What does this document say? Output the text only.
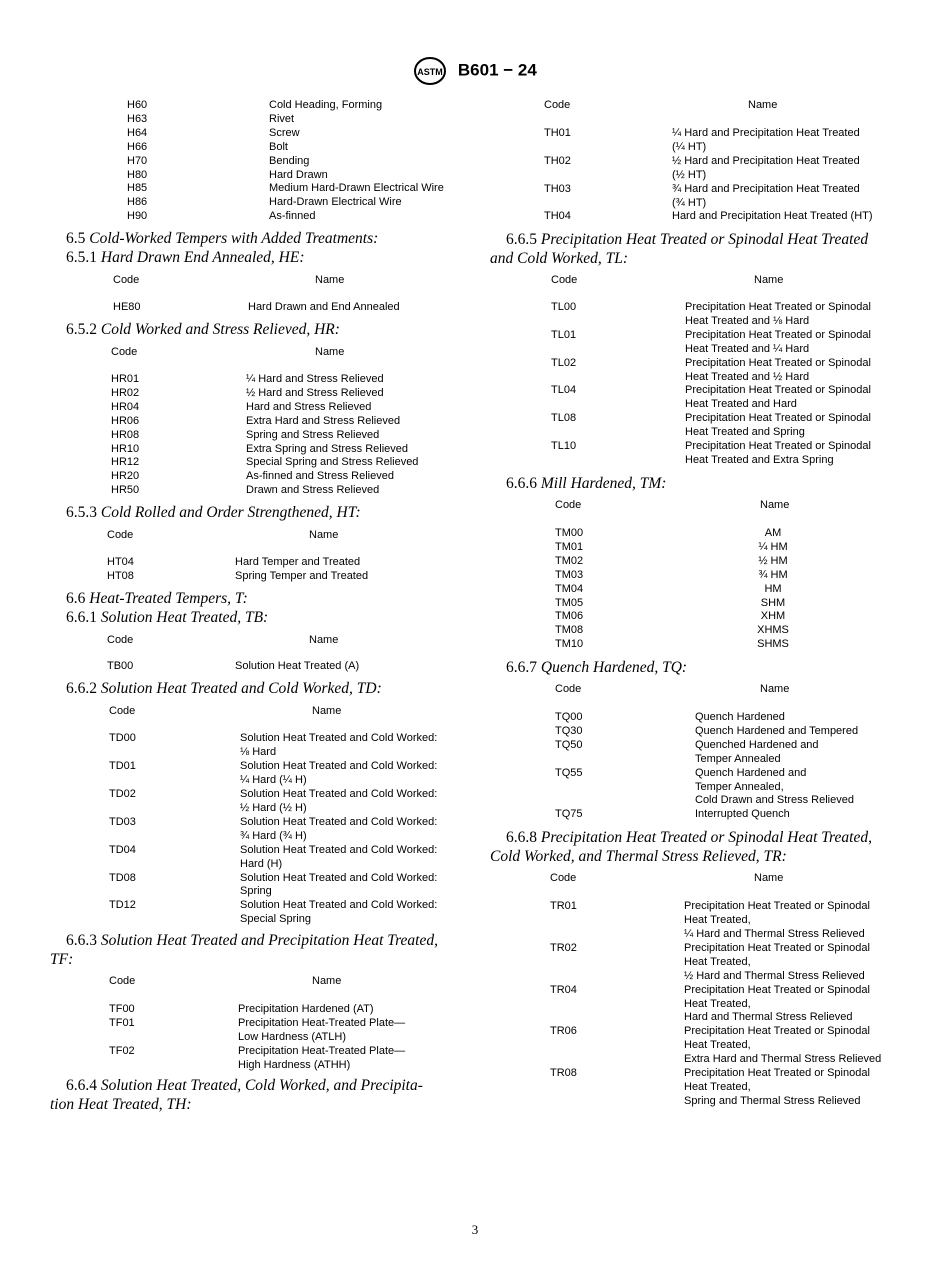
ASTM B601 − 24
6.5 Cold-Worked Tempers with Added Treatments:
6.5.1 Hard Drawn End Annealed, HE:
6.5.2 Cold Worked and Stress Relieved, HR:
6.5.3 Cold Rolled and Order Strengthened, HT:
6.6 Heat-Treated Tempers, T:
6.6.1 Solution Heat Treated, TB:
6.6.2 Solution Heat Treated and Cold Worked, TD:
6.6.3 Solution Heat Treated and Precipitation Heat Treated,
TF:
6.6.4 Solution Heat Treated, Cold Worked, and Precipita-
tion Heat Treated, TH:
6.6.5 Precipitation Heat Treated or Spinodal Heat Treated
and Cold Worked, TL:
6.6.6 Mill Hardened, TM:
6.6.7 Quench Hardened, TQ:
6.6.8 Precipitation Heat Treated or Spinodal Heat Treated,
Cold Worked, and Thermal Stress Relieved, TR:
3
H60	Cold Heading, Forming
H63	Rivet
H64	Screw
H66	Bolt
H70	Bending
H80	Hard Drawn
H85	Medium Hard-Drawn Electrical Wire
H86	Hard-Drawn Electrical Wire
H90	As-finned
Code	Name
HE80	Hard Drawn and End Annealed
Code	Name
HR01	¼ Hard and Stress Relieved
HR02	½ Hard and Stress Relieved
HR04	Hard and Stress Relieved
HR06	Extra Hard and Stress Relieved
HR08	Spring and Stress Relieved
HR10	Extra Spring and Stress Relieved
HR12	Special Spring and Stress Relieved
HR20	As-finned and Stress Relieved
HR50	Drawn and Stress Relieved
Code	Name
HT04	Hard Temper and Treated
HT08	Spring Temper and Treated
Code	Name
TB00	Solution Heat Treated (A)
Code	Name
TD00	Solution Heat Treated and Cold Worked:
⅛ Hard
TD01	Solution Heat Treated and Cold Worked:
¼ Hard (¼ H)
TD02	Solution Heat Treated and Cold Worked:
½ Hard (½ H)
TD03	Solution Heat Treated and Cold Worked:
¾ Hard (¾ H)
TD04	Solution Heat Treated and Cold Worked:
Hard (H)
TD08	Solution Heat Treated and Cold Worked:
Spring
TD12	Solution Heat Treated and Cold Worked:
Special Spring
Code	Name
TF00	Precipitation Hardened (AT)
TF01	Precipitation Heat-Treated Plate—
Low Hardness (ATLH)
TF02	Precipitation Heat-Treated Plate—
High Hardness (ATHH)
Code	Name
TH01	¼ Hard and Precipitation Heat Treated
(¼ HT)
TH02	½ Hard and Precipitation Heat Treated
(½ HT)
TH03	¾ Hard and Precipitation Heat Treated
(¾ HT)
TH04	Hard and Precipitation Heat Treated (HT)
Code	Name
TL00	Precipitation Heat Treated or Spinodal
Heat Treated and ⅛ Hard
TL01	Precipitation Heat Treated or Spinodal
Heat Treated and ¼ Hard
TL02	Precipitation Heat Treated or Spinodal
Heat Treated and ½ Hard
TL04	Precipitation Heat Treated or Spinodal
Heat Treated and Hard
TL08	Precipitation Heat Treated or Spinodal
Heat Treated and Spring
TL10	Precipitation Heat Treated or Spinodal
Heat Treated and Extra Spring
Code	Name
TM00	AM
TM01	¼ HM
TM02	½ HM
TM03	¾ HM
TM04	HM
TM05	SHM
TM06	XHM
TM08	XHMS
TM10	SHMS
Code	Name
TQ00	Quench Hardened
TQ30	Quench Hardened and Tempered
TQ50	Quenched Hardened and
Temper Annealed
TQ55	Quench Hardened and
Temper Annealed,
Cold Drawn and Stress Relieved
TQ75	Interrupted Quench
Code	Name
TR01	Precipitation Heat Treated or Spinodal
Heat Treated,
¼ Hard and Thermal Stress Relieved
TR02	Precipitation Heat Treated or Spinodal
Heat Treated,
½ Hard and Thermal Stress Relieved
TR04	Precipitation Heat Treated or Spinodal
Heat Treated,
Hard and Thermal Stress Relieved
TR06	Precipitation Heat Treated or Spinodal
Heat Treated,
Extra Hard and Thermal Stress Relieved
TR08	Precipitation Heat Treated or Spinodal
Heat Treated,
Spring and Thermal Stress Relieved
